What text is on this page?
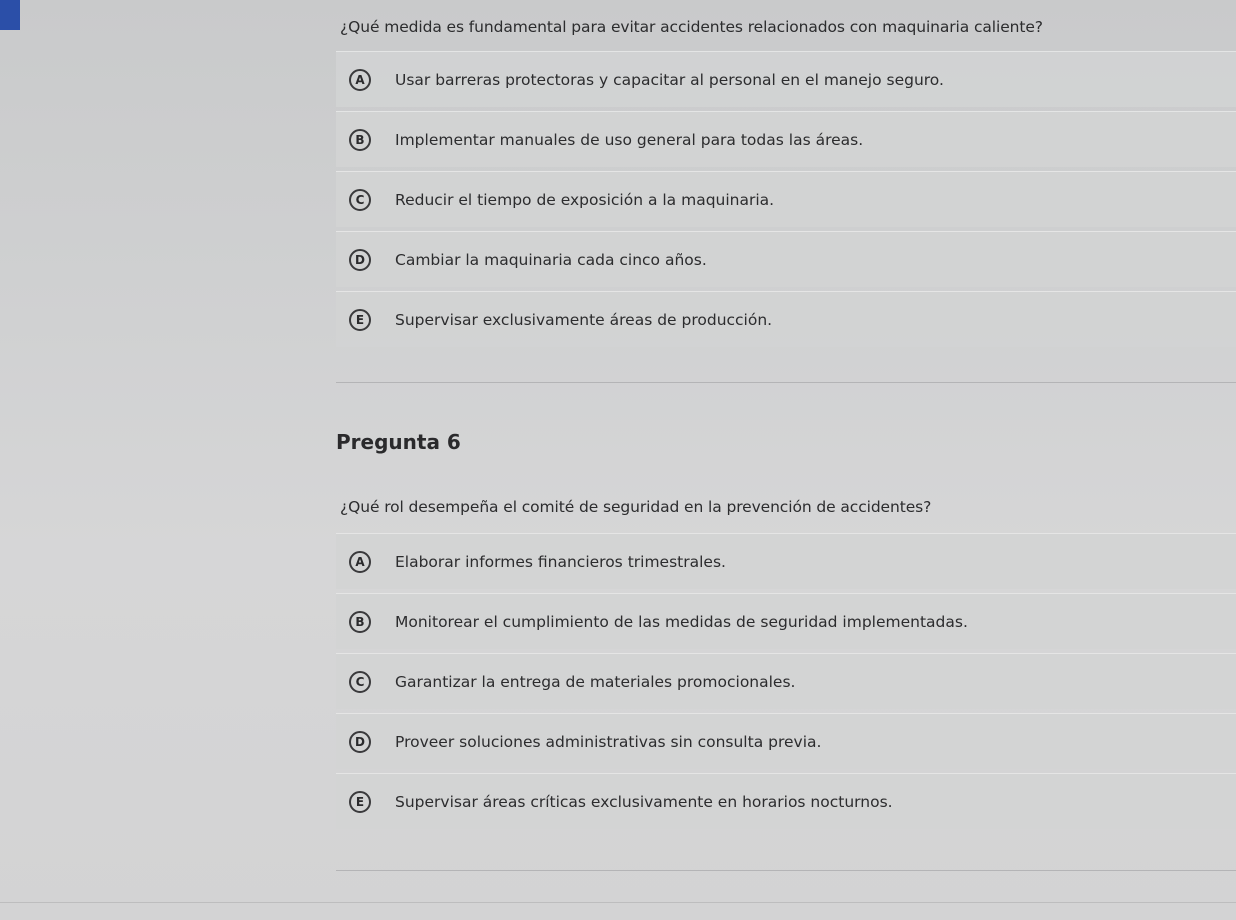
¿Qué medida es fundamental para evitar accidentes relacionados con maquinaria caliente?
A	Usar barreras protectoras y capacitar al personal en el manejo seguro.
B	Implementar manuales de uso general para todas las áreas.
C	Reducir el tiempo de exposición a la maquinaria.
D	Cambiar la maquinaria cada cinco años.
E	Supervisar exclusivamente áreas de producción.
Pregunta 6
¿Qué rol desempeña el comité de seguridad en la prevención de accidentes?
A	Elaborar informes financieros trimestrales.
B	Monitorear el cumplimiento de las medidas de seguridad implementadas.
C	Garantizar la entrega de materiales promocionales.
D	Proveer soluciones administrativas sin consulta previa.
E	Supervisar áreas críticas exclusivamente en horarios nocturnos.
